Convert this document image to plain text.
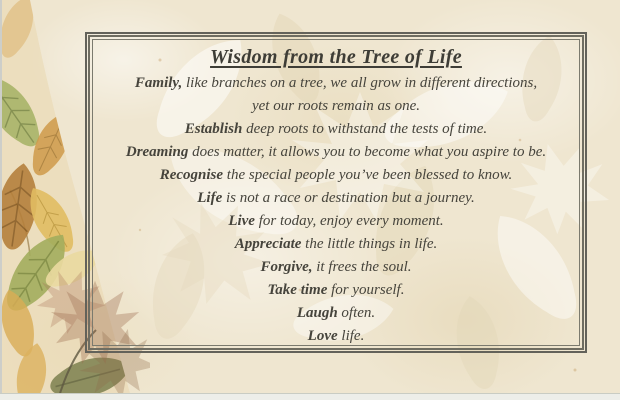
Wisdom from the Tree of Life
Family, like branches on a tree, we all grow in different directions,
yet our roots remain as one.
Establish deep roots to withstand the tests of time.
Dreaming does matter, it allows you to become what you aspire to be.
Recognise the special people you’ve been blessed to know.
Life is not a race or destination but a journey.
Live for today, enjoy every moment.
Appreciate the little things in life.
Forgive, it frees the soul.
Take time for yourself.
Laugh often.
Love life.
